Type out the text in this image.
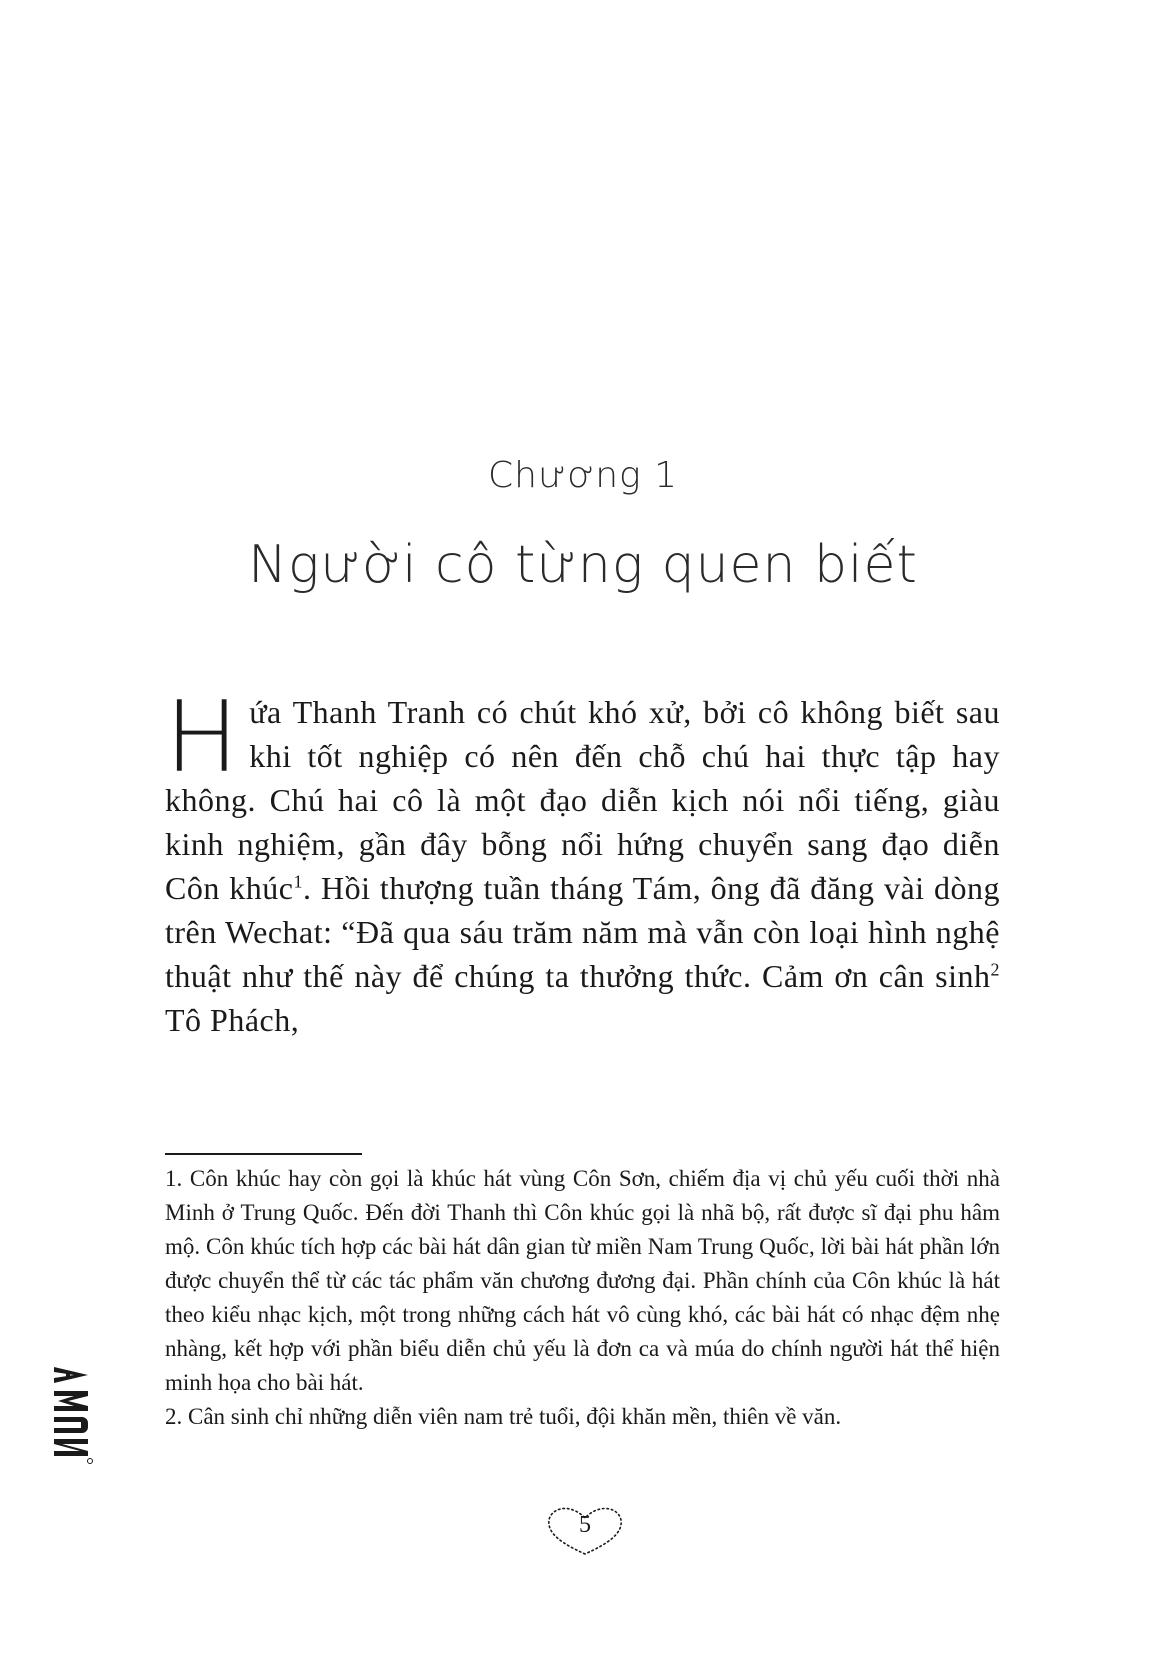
Chương 1
Người cô từng quen biết
Hứa Thanh Tranh có chút khó xử, bởi cô không biết sau khi tốt nghiệp có nên đến chỗ chú hai thực tập hay không. Chú hai cô là một đạo diễn kịch nói nổi tiếng, giàu kinh nghiệm, gần đây bỗng nổi hứng chuyển sang đạo diễn Côn khúc$^1$. Hồi thượng tuần tháng Tám, ông đã đăng vài dòng trên Wechat: “Đã qua sáu trăm năm mà vẫn còn loại hình nghệ thuật như thế này để chúng ta thưởng thức. Cảm ơn cân $\sinh^2$ Tô Phách,

1. Côn khúc hay còn gọi là khúc hát vùng Côn Sơn, chiếm địa vị chủ yếu cuối thời nhà Minh ở Trung Quốc. Đến đời Thanh thì Côn khúc gọi là nhã bộ, rất được sĩ đại phu hâm mộ. Côn khúc tích hợp các bài hát dân gian từ miền Nam Trung Quốc, lời bài hát phần lớn được chuyển thể từ các tác phẩm văn chương đương đại. Phần chính của Côn khúc là hát theo kiểu nhạc kịch, một trong những cách hát vô cùng khó, các bài hát có nhạc đệm nhẹ nhàng, kết hợp với phần biểu diễn chủ yếu là đơn ca và múa do chính người hát thể hiện minh họa cho bài hát.

2. Cân sinh chỉ những diễn viên nam trẻ tuổi, đội khăn mền, thiên về văn.

5
